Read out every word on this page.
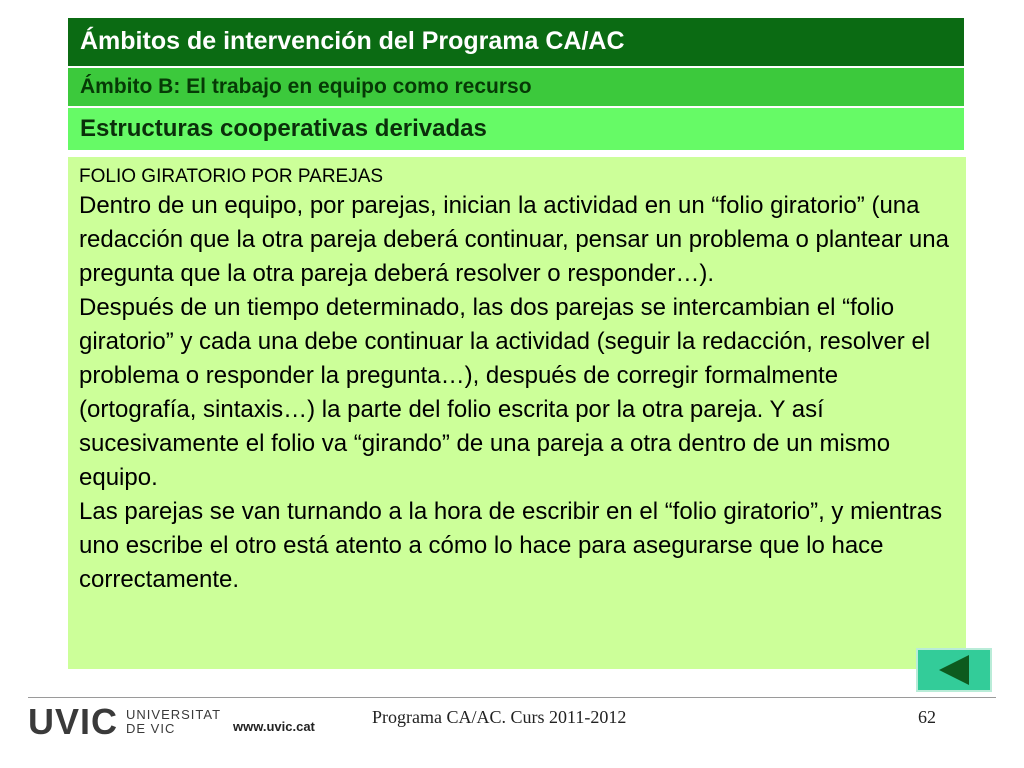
Ámbitos de intervención del Programa CA/AC
Ámbito B: El trabajo en equipo como recurso
Estructuras cooperativas derivadas
FOLIO GIRATORIO POR PAREJAS
Dentro de un equipo, por parejas, inician la actividad en un “folio giratorio” (una redacción que la otra pareja deberá continuar, pensar un problema o plantear una pregunta que la otra pareja deberá resolver o responder…).
Después de un tiempo determinado, las dos parejas se intercambian el “folio giratorio” y cada una debe continuar la actividad (seguir la redacción, resolver el problema o responder la pregunta…), después de corregir formalmente (ortografía, sintaxis…) la parte del folio escrita por la otra pareja. Y así sucesivamente el folio va “girando” de una pareja a otra dentro de un mismo equipo.
Las parejas se van turnando a la hora de escribir en el “folio giratorio”, y mientras uno escribe el otro está atento a cómo lo hace para asegurarse que lo hace correctamente.
UVIC UNIVERSITAT
DE VIC	www.uvic.cat	Programa CA/AC. Curs 2011-2012	62
